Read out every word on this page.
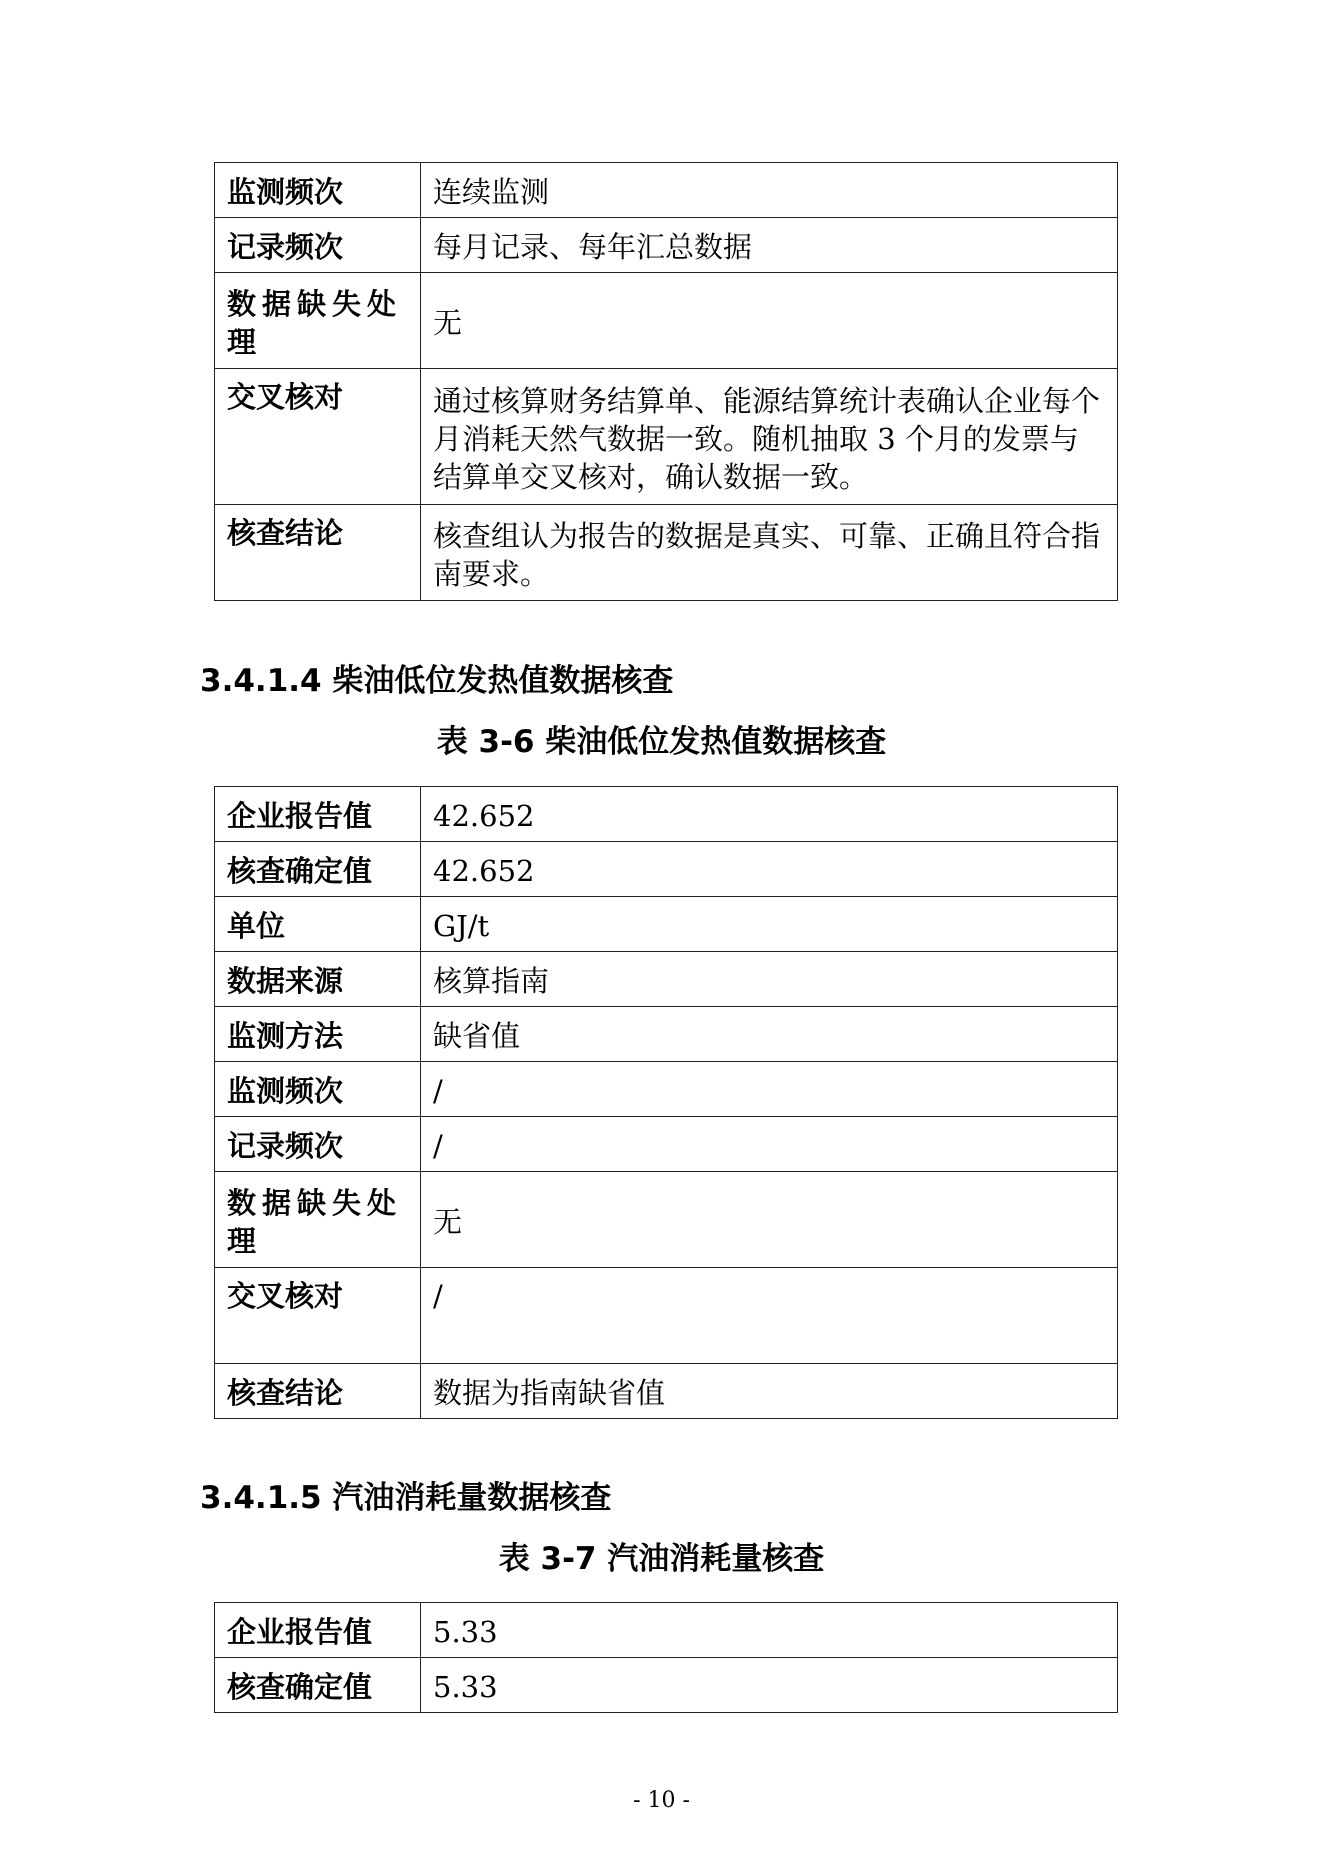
监测频次	连续监测
记录频次	每月记录、每年汇总数据
数据缺失处理	无
交叉核对	通过核算财务结算单、能源结算统计表确认企业每个月消耗天然气数据一致。随机抽取 3 个月的发票与结算单交叉核对，确认数据一致。
核查结论	核查组认为报告的数据是真实、可靠、正确且符合指南要求。
3.4.1.4 柴油低位发热值数据核查
表 3-6 柴油低位发热值数据核查
企业报告值	42.652
核查确定值	42.652
单位	GJ/t
数据来源	核算指南
监测方法	缺省值
监测频次	/
记录频次	/
数据缺失处理	无
交叉核对	/
核查结论	数据为指南缺省值
3.4.1.5 汽油消耗量数据核查
表 3-7 汽油消耗量核查
企业报告值	5.33
核查确定值	5.33
- 10 -
